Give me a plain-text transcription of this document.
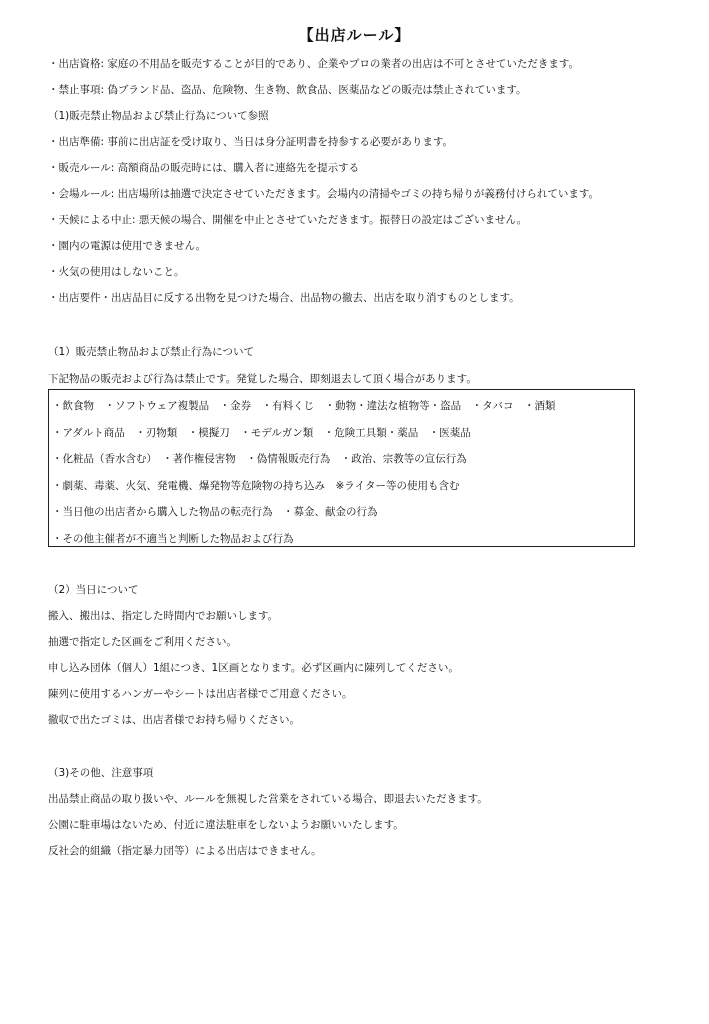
【出店ルール】
・出店資格: 家庭の不用品を販売することが目的であり、企業やプロの業者の出店は不可とさせていただきます。
・禁止事項: 偽ブランド品、盗品、危険物、生き物、飲食品、医薬品などの販売は禁止されています。
（1)販売禁止物品および禁止行為について参照
・出店準備: 事前に出店証を受け取り、当日は身分証明書を持参する必要があります。
・販売ルール: 高額商品の販売時には、購入者に連絡先を提示する
・会場ルール: 出店場所は抽選で決定させていただきます。会場内の清掃やゴミの持ち帰りが義務付けられています。
・天候による中止: 悪天候の場合、開催を中止とさせていただきます。振替日の設定はございません。
・園内の電源は使用できません。
・火気の使用はしないこと。
・出店要件・出店品目に反する出物を見つけた場合、出品物の撤去、出店を取り消すものとします。
（1）販売禁止物品および禁止行為について
下記物品の販売および行為は禁止です。発覚した場合、即刻退去して頂く場合があります。
・飲食物　・ソフトウェア複製品　・金券　・有料くじ　・動物・違法な植物等・盗品　・タバコ　・酒類
・アダルト商品　・刃物類　・模擬刀　・モデルガン類　・危険工具類・薬品　・医薬品
・化粧品（香水含む）　・著作権侵害物　・偽情報販売行為　・政治、宗教等の宣伝行為
・劇薬、毒薬、火気、発電機、爆発物等危険物の持ち込み　※ライター等の使用も含む
・当日他の出店者から購入した物品の転売行為　・募金、献金の行為
・その他主催者が不適当と判断した物品および行為
（2）当日について
搬入、搬出は、指定した時間内でお願いします。
抽選で指定した区画をご利用ください。
申し込み団体（個人）1組につき、1区画となります。必ず区画内に陳列してください。
陳列に使用するハンガーやシートは出店者様でご用意ください。
撤収で出たゴミは、出店者様でお持ち帰りください。
（3)その他、注意事項
出品禁止商品の取り扱いや、ルールを無視した営業をされている場合、即退去いただきます。
公園に駐車場はないため、付近に違法駐車をしないようお願いいたします。
反社会的組織（指定暴力団等）による出店はできません。
